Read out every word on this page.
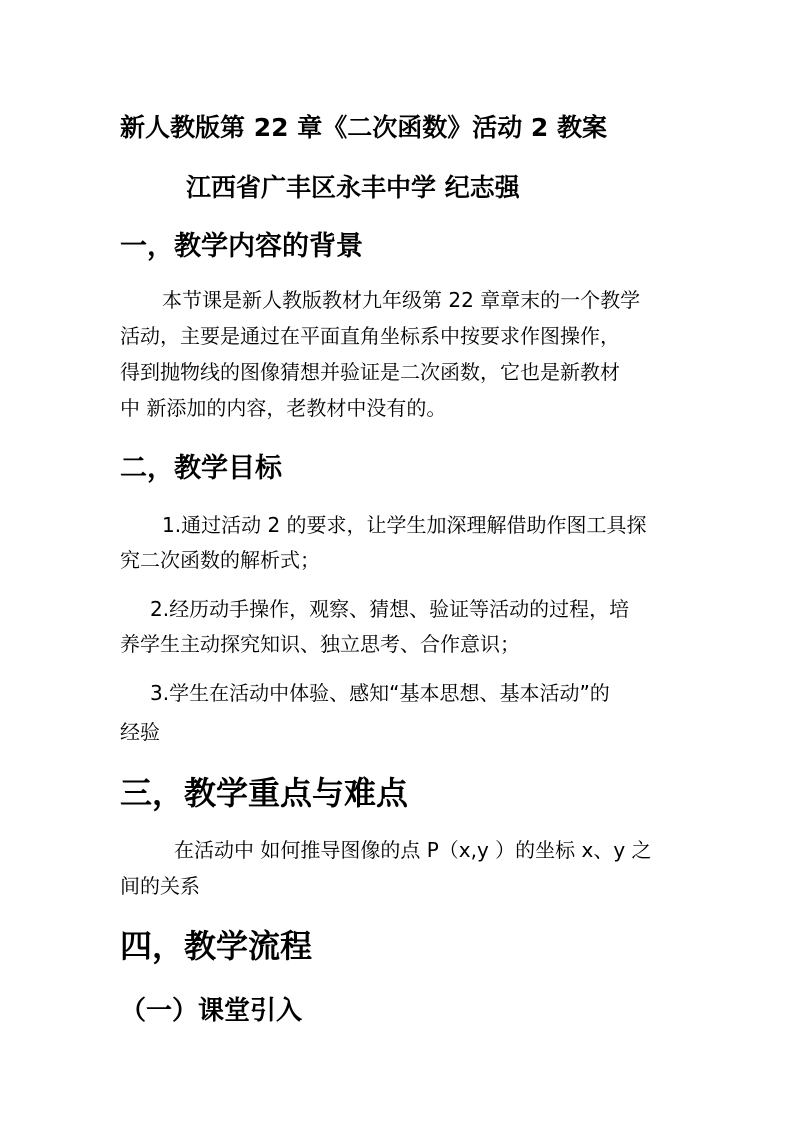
新人教版第 22 章《二次函数》活动 2 教案
江西省广丰区永丰中学 纪志强
一，教学内容的背景
本节课是新人教版教材九年级第 22 章章末的一个教学
活动，主要是通过在平面直角坐标系中按要求作图操作，
得到抛物线的图像猜想并验证是二次函数，它也是新教材
中 新添加的内容，老教材中没有的。
二，教学目标
1.通过活动 2 的要求，让学生加深理解借助作图工具探
究二次函数的解析式；
2.经历动手操作，观察、猜想、验证等活动的过程，培
养学生主动探究知识、独立思考、合作意识；
3.学生在活动中体验、感知“基本思想、基本活动”的
经验
三，教学重点与难点
在活动中 如何推导图像的点 P（x,y ）的坐标 x、y 之
间的关系
四，教学流程
（一）课堂引入
